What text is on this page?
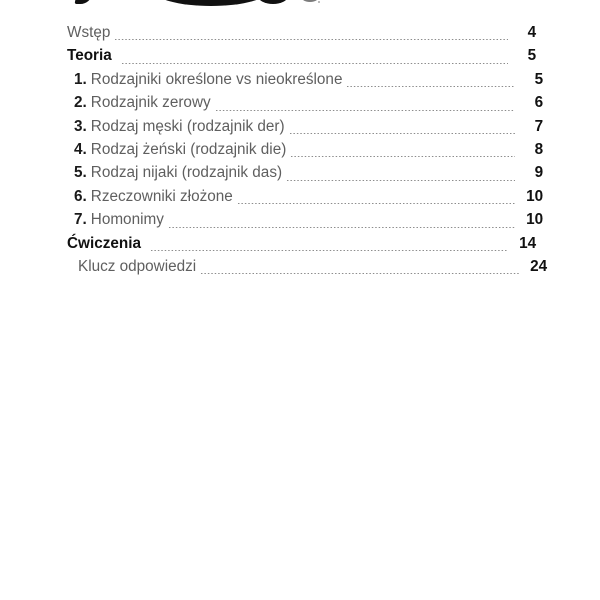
Wstęp	4
Teoria	5
1. Rodzajniki określone vs nieokreślone	5
2. Rodzajnik zerowy	6
3. Rodzaj męski (rodzajnik der)	7
4. Rodzaj żeński (rodzajnik die)	8
5. Rodzaj nijaki (rodzajnik das)	9
6. Rzeczowniki złożone	10
7. Homonimy	10
Ćwiczenia	14
Klucz odpowiedzi	24
